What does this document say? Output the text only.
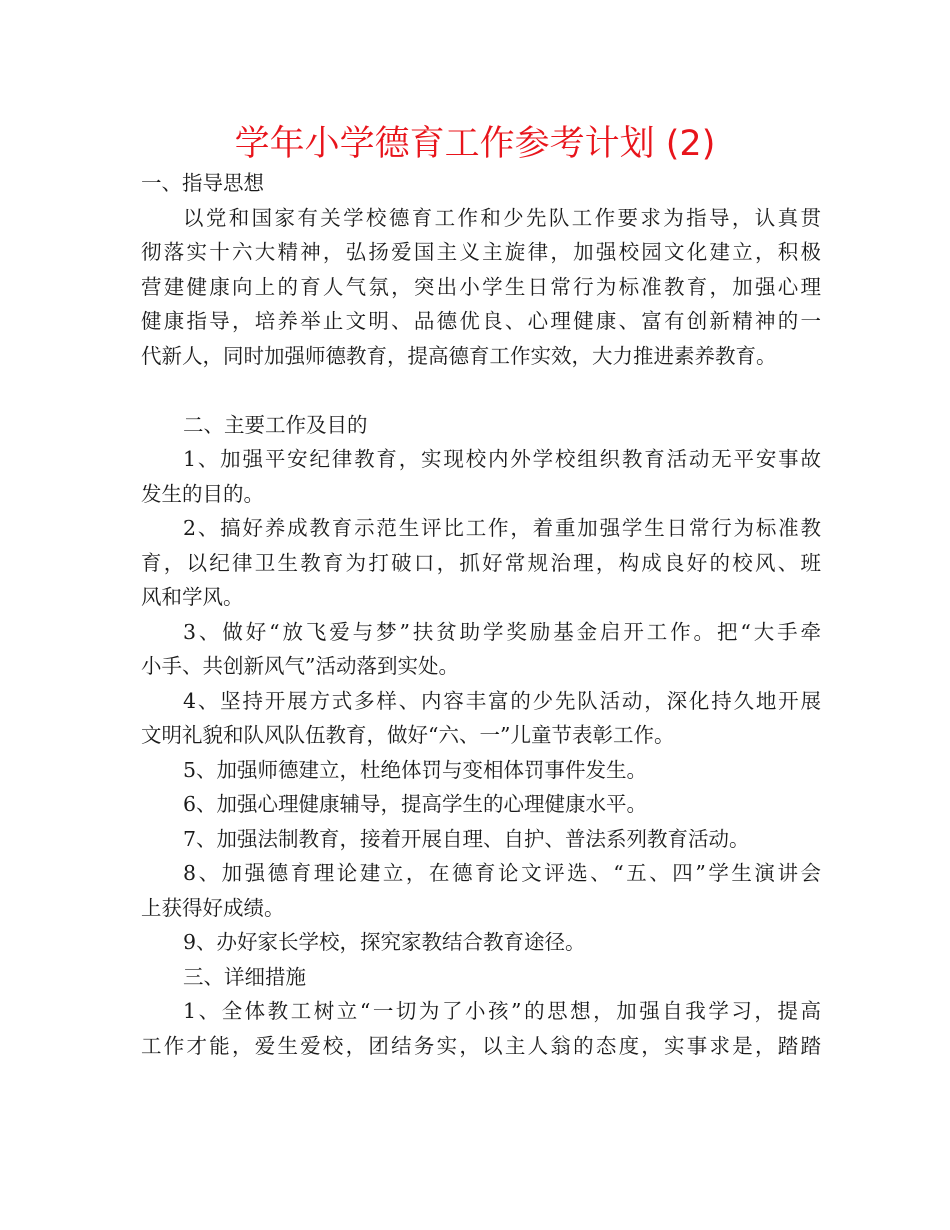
学年小学德育工作参考计划 (2)
一、指导思想
以党和国家有关学校德育工作和少先队工作要求为指导，认真贯
彻落实十六大精神，弘扬爱国主义主旋律，加强校园文化建立，积极
营建健康向上的育人气氛，突出小学生日常行为标准教育，加强心理
健康指导，培养举止文明、品德优良、心理健康、富有创新精神的一
代新人，同时加强师德教育，提高德育工作实效，大力推进素养教育。
二、主要工作及目的
1、加强平安纪律教育，实现校内外学校组织教育活动无平安事故
发生的目的。
2、搞好养成教育示范生评比工作，着重加强学生日常行为标准教
育，以纪律卫生教育为打破口，抓好常规治理，构成良好的校风、班
风和学风。
3、做好“放飞爱与梦”扶贫助学奖励基金启开工作。把“大手牵
小手、共创新风气”活动落到实处。
4、坚持开展方式多样、内容丰富的少先队活动，深化持久地开展
文明礼貌和队风队伍教育，做好“六、一”儿童节表彰工作。
5、加强师德建立，杜绝体罚与变相体罚事件发生。
6、加强心理健康辅导，提高学生的心理健康水平。
7、加强法制教育，接着开展自理、自护、普法系列教育活动。
8、加强德育理论建立，在德育论文评选、“五、四”学生演讲会
上获得好成绩。
9、办好家长学校，探究家教结合教育途径。
三、详细措施
1、全体教工树立“一切为了小孩”的思想，加强自我学习，提高
工作才能，爱生爱校，团结务实，以主人翁的态度，实事求是，踏踏
